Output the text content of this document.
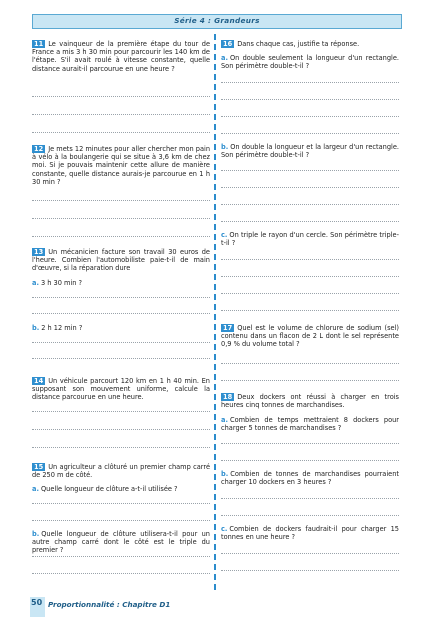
Série 4 : Grandeurs
11 Le vainqueur de la première étape du tour de France a mis 3 h 30 min pour parcourir les 140 km de l'étape. S'il avait roulé à vitesse constante, quelle distance aurait-il parcourue en une heure ?
12 Je mets 12 minutes pour aller chercher mon pain à vélo à la boulangerie qui se situe à 3,6 km de chez moi. Si je pouvais maintenir cette allure de manière constante, quelle distance aurais-je parcourue en 1 h 30 min ?
13 Un mécanicien facture son travail 30 euros de l'heure. Combien l'automobiliste paie-t-il de main d'œuvre, si la réparation dure
a. 3 h 30 min ?
b. 2 h 12 min ?
14 Un véhicule parcourt 120 km en 1 h 40 min. En supposant son mouvement uniforme, calcule la distance parcourue en une heure.
15 Un agriculteur a clôturé un premier champ carré de 250 m de côté.
a. Quelle longueur de clôture a-t-il utilisée ?
b. Quelle longueur de clôture utilisera-t-il pour un autre champ carré dont le côté est le triple du premier ?
16 Dans chaque cas, justifie ta réponse.
a. On double seulement la longueur d'un rectangle. Son périmètre double-t-il ?
b. On double la longueur et la largeur d'un rectangle. Son périmètre double-t-il ?
c. On triple le rayon d'un cercle. Son périmètre triple-t-il ?
17 Quel est le volume de chlorure de sodium (sel) contenu dans un flacon de 2 L dont le sel représente 0,9 % du volume total ?
18 Deux dockers ont réussi à charger en trois heures cinq tonnes de marchandises.
a. Combien de temps mettraient 8 dockers pour charger 5 tonnes de marchandises ?
b. Combien de tonnes de marchandises pourraient charger 10 dockers en 3 heures ?
c. Combien de dockers faudrait-il pour charger 15 tonnes en une heure ?
50 Proportionnalité : Chapitre D1
